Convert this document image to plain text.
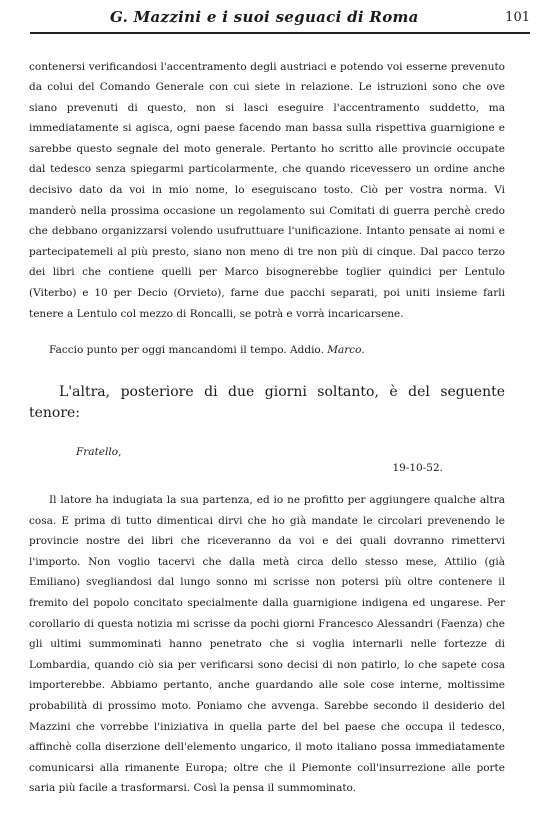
G. Mazzini e i suoi seguaci di Roma	101

contenersi verificandosi l'accentramento degli austriaci e potendo voi esserne prevenuto da colui del Comando Generale con cui siete in relazione. Le istruzioni sono che ove siano prevenuti di questo, non si lasci eseguire l'accentramento suddetto, ma immediatamente si agisca, ogni paese facendo man bassa sulla rispettiva guarnigione e sarebbe questo segnale del moto generale. Pertanto ho scritto alle provincie occupate dal tedesco senza spiegarmi particolarmente, che quando ricevessero un ordine anche decisivo dato da voi in mio nome, lo eseguiscano tosto. Ciò per vostra norma. Vi manderò nella prossima occasione un regolamento sui Comitati di guerra perchè credo che debbano organizzarsi volendo usufruttuare l'unificazione. Intanto pensate ai nomi e partecipatemeli al più presto, siano non meno di tre non più di cinque. Dal pacco terzo dei libri che contiene quelli per Marco bisognerebbe toglier quindici per Lentulo (Viterbo) e 10 per Decio (Orvieto), farne due pacchi separati, poi uniti insieme farli tenere a Lentulo col mezzo di Roncalli, se potrà e vorrà incaricarsene.

Faccio punto per oggi mancandomi il tempo. Addio. Marco.

L'altra, posteriore di due giorni soltanto, è del seguente tenore:

Fratello,
19-10-52.

Il latore ha indugiata la sua partenza, ed io ne profitto per aggiungere qualche altra cosa. E prima di tutto dimenticai dirvi che ho già mandate le circolari prevenendo le provincie nostre dei libri che riceveranno da voi e dei quali dovranno rimettervi l'importo. Non voglio tacervi che dalla metà circa dello stesso mese, Attilio (già Emiliano) svegliandosi dal lungo sonno mi scrisse non potersi più oltre contenere il fremito del popolo concitato specialmente dalla guarnigione indigena ed ungarese. Per corollario di questa notizia mi scrisse da pochi giorni Francesco Alessandri (Faenza) che gli ultimi summominati hanno penetrato che si voglia internarli nelle fortezze di Lombardia, quando ciò sia per verificarsi sono decisi di non patirlo, lo che sapete cosa importerebbe. Abbiamo pertanto, anche guardando alle sole cose interne, moltissime probabilità di prossimo moto. Poniamo che avvenga. Sarebbe secondo il desiderio del Mazzini che vorrebbe l'iniziativa in quella parte del bel paese che occupa il tedesco, affinchè colla diserzione dell'elemento ungarico, il moto italiano possa immediatamente comunicarsi alla rimanente Europa; oltre che il Piemonte coll'insurrezione alle porte saria più facile a trasformarsi. Così la pensa il summominato.
